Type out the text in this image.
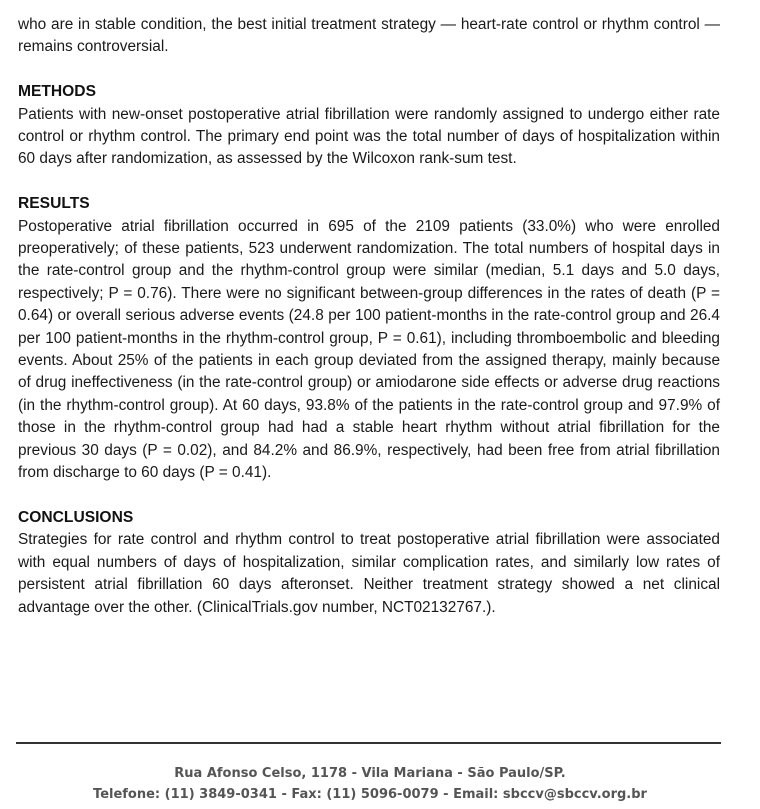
who are in stable condition, the best initial treatment strategy — heart-rate control or rhythm control — remains controversial.

METHODS

Patients with new-onset postoperative atrial fibrillation were randomly assigned to undergo either rate control or rhythm control. The primary end point was the total number of days of hospitalization within 60 days after randomization, as assessed by the Wilcoxon rank-sum test.

RESULTS

Postoperative atrial fibrillation occurred in 695 of the 2109 patients (33.0%) who were enrolled preoperatively; of these patients, 523 underwent randomization. The total numbers of hospital days in the rate-control group and the rhythm-control group were similar (median, 5.1 days and 5.0 days, respectively; P = 0.76). There were no significant between-group differences in the rates of death (P = 0.64) or overall serious adverse events (24.8 per 100 patient-months in the rate-control group and 26.4 per 100 patient-months in the rhythm-control group, P = 0.61), including thromboembolic and bleeding events. About 25% of the patients in each group deviated from the assigned therapy, mainly because of drug ineffectiveness (in the rate-control group) or amiodarone side effects or adverse drug reactions (in the rhythm-control group). At 60 days, 93.8% of the patients in the rate-control group and 97.9% of those in the rhythm-control group had had a stable heart rhythm without atrial fibrillation for the previous 30 days (P = 0.02), and 84.2% and 86.9%, respectively, had been free from atrial fibrillation from discharge to 60 days (P = 0.41).

CONCLUSIONS

Strategies for rate control and rhythm control to treat postoperative atrial fibrillation were associated with equal numbers of days of hospitalization, similar complication rates, and similarly low rates of persistent atrial fibrillation 60 days afteronset. Neither treatment strategy showed a net clinical advantage over the other. (ClinicalTrials.gov number, NCT02132767.).

Rua Afonso Celso, 1178 - Vila Mariana - São Paulo/SP.
Telefone: (11) 3849-0341 - Fax: (11) 5096-0079 - Email: sbccv@sbccv.org.br
